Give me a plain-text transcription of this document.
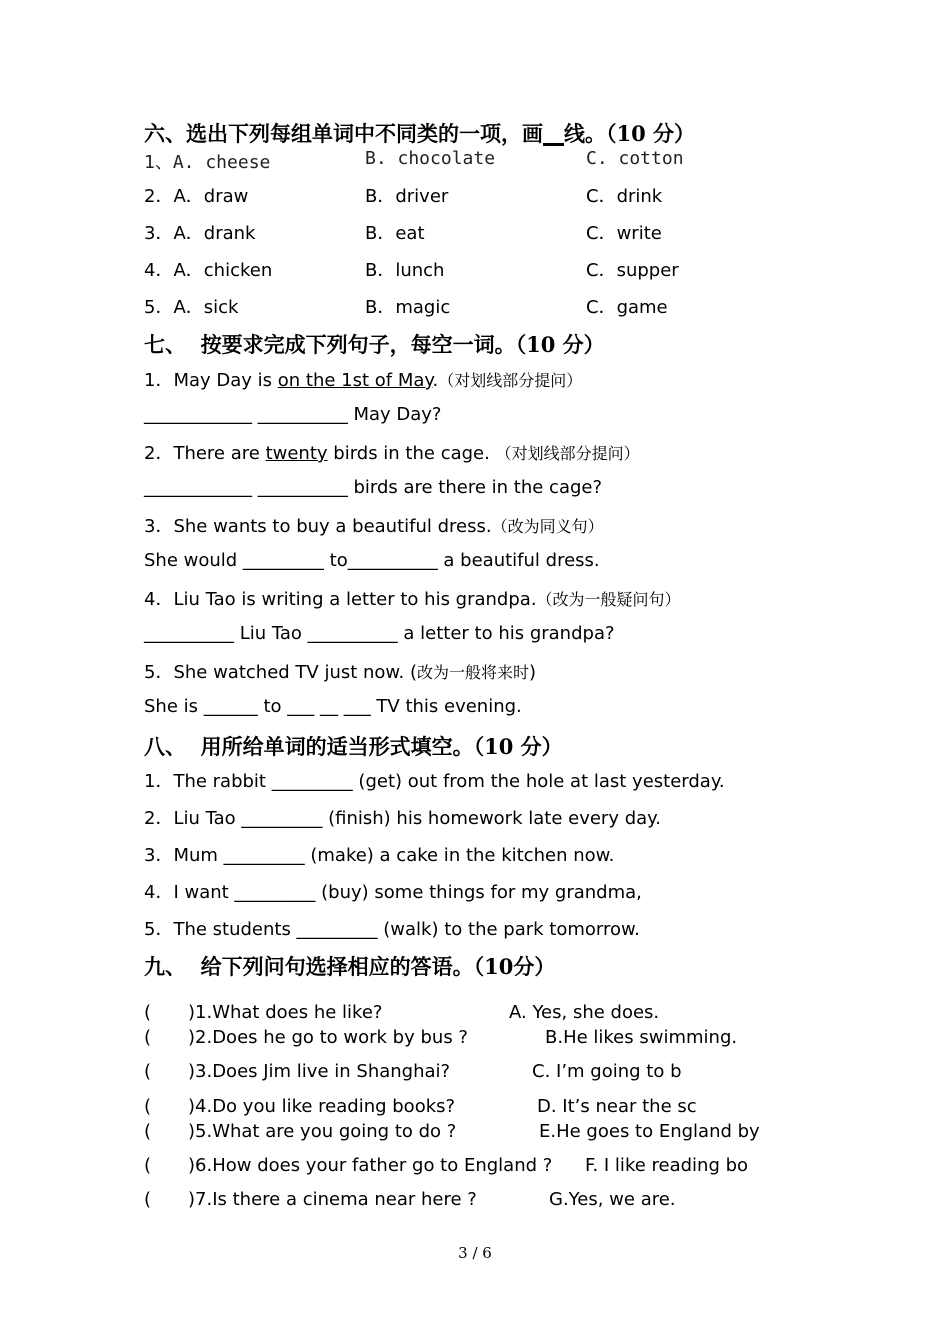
六、选出下列每组单词中不同类的一项，画__线。（10 分）
1、A. cheese	B. chocolate	C. cotton
2．A．draw	B．driver	C．drink
3．A．drank	B．eat	C．write
4．A．chicken	B．lunch	C．supper
5．A．sick	B．magic	C．game
七、  按要求完成下列句子，每空一词。（10 分）
1．May Day is on the 1st of May.（对划线部分提问）
____________ __________ May Day?
2．There are twenty birds in the cage. （对划线部分提问）
____________ __________ birds are there in the cage?
3．She wants to buy a beautiful dress.（改为同义句）
She would _________ to__________ a beautiful dress.
4．Liu Tao is writing a letter to his grandpa.（改为一般疑问句）
__________ Liu Tao __________ a letter to his grandpa?
5．She watched TV just now. (改为一般将来时)
She is ______ to ___ __ ___ TV this evening.
八、  用所给单词的适当形式填空。（10 分）
1．The rabbit _________ (get) out from the hole at last yesterday.
2．Liu Tao _________ (finish) his homework late every day.
3．Mum _________ (make) a cake in the kitchen now.
4．I want _________ (buy) some things for my grandma,
5．The students _________ (walk) to the park tomorrow.
九、  给下列问句选择相应的答语。（10分）
( )1.What does he like?	A. Yes, she does.
( )2.Does he go to work by bus ?	B.He likes swimming.
( )3.Does Jim live in Shanghai?	C. I’m going to b
( )4.Do you like reading books?	D. It’s near the sc
( )5.What are you going to do ?	E.He goes to England by
( )6.How does your father go to England ? F. I like reading bo
( )7.Is there a cinema near here ?	G.Yes, we are.
3 / 6
